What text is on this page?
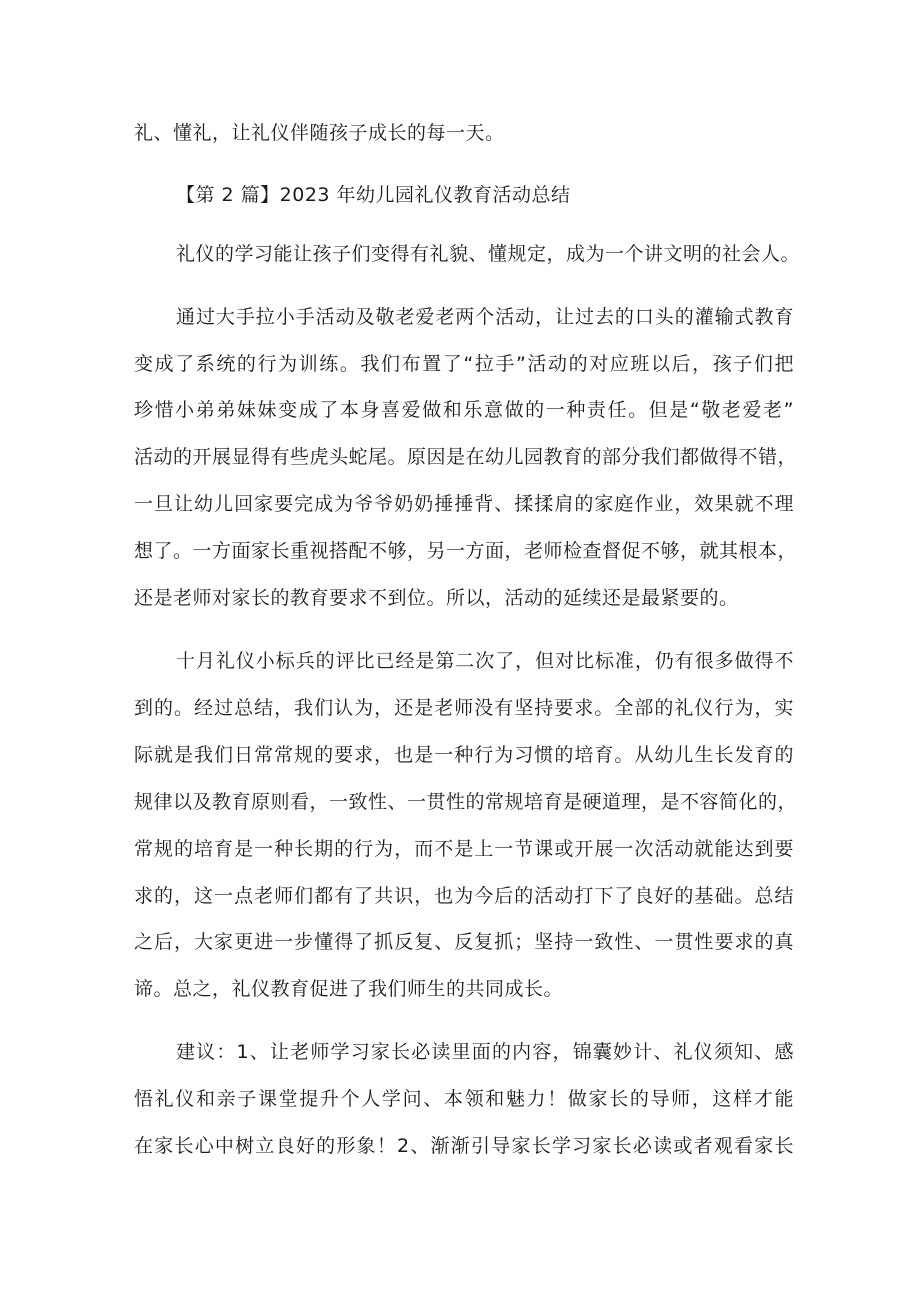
礼、懂礼，让礼仪伴随孩子成长的每一天。
【第 2 篇】2023 年幼儿园礼仪教育活动总结
礼仪的学习能让孩子们变得有礼貌、懂规定，成为一个讲文明的社会人。
通过大手拉小手活动及敬老爱老两个活动，让过去的口头的灌输式教育
变成了系统的行为训练。我们布置了“拉手”活动的对应班以后，孩子们把
珍惜小弟弟妹妹变成了本身喜爱做和乐意做的一种责任。但是“敬老爱老”
活动的开展显得有些虎头蛇尾。原因是在幼儿园教育的部分我们都做得不错，
一旦让幼儿回家要完成为爷爷奶奶捶捶背、揉揉肩的家庭作业，效果就不理
想了。一方面家长重视搭配不够，另一方面，老师检查督促不够，就其根本，
还是老师对家长的教育要求不到位。所以，活动的延续还是最紧要的。
十月礼仪小标兵的评比已经是第二次了，但对比标准，仍有很多做得不
到的。经过总结，我们认为，还是老师没有坚持要求。全部的礼仪行为，实
际就是我们日常常规的要求，也是一种行为习惯的培育。从幼儿生长发育的
规律以及教育原则看，一致性、一贯性的常规培育是硬道理，是不容简化的，
常规的培育是一种长期的行为，而不是上一节课或开展一次活动就能达到要
求的，这一点老师们都有了共识，也为今后的活动打下了良好的基础。总结
之后，大家更进一步懂得了抓反复、反复抓；坚持一致性、一贯性要求的真
谛。总之，礼仪教育促进了我们师生的共同成长。
建议：1、让老师学习家长必读里面的内容，锦囊妙计、礼仪须知、感
悟礼仪和亲子课堂提升个人学问、本领和魅力！做家长的导师，这样才能
在家长心中树立良好的形象！2、渐渐引导家长学习家长必读或者观看家长
